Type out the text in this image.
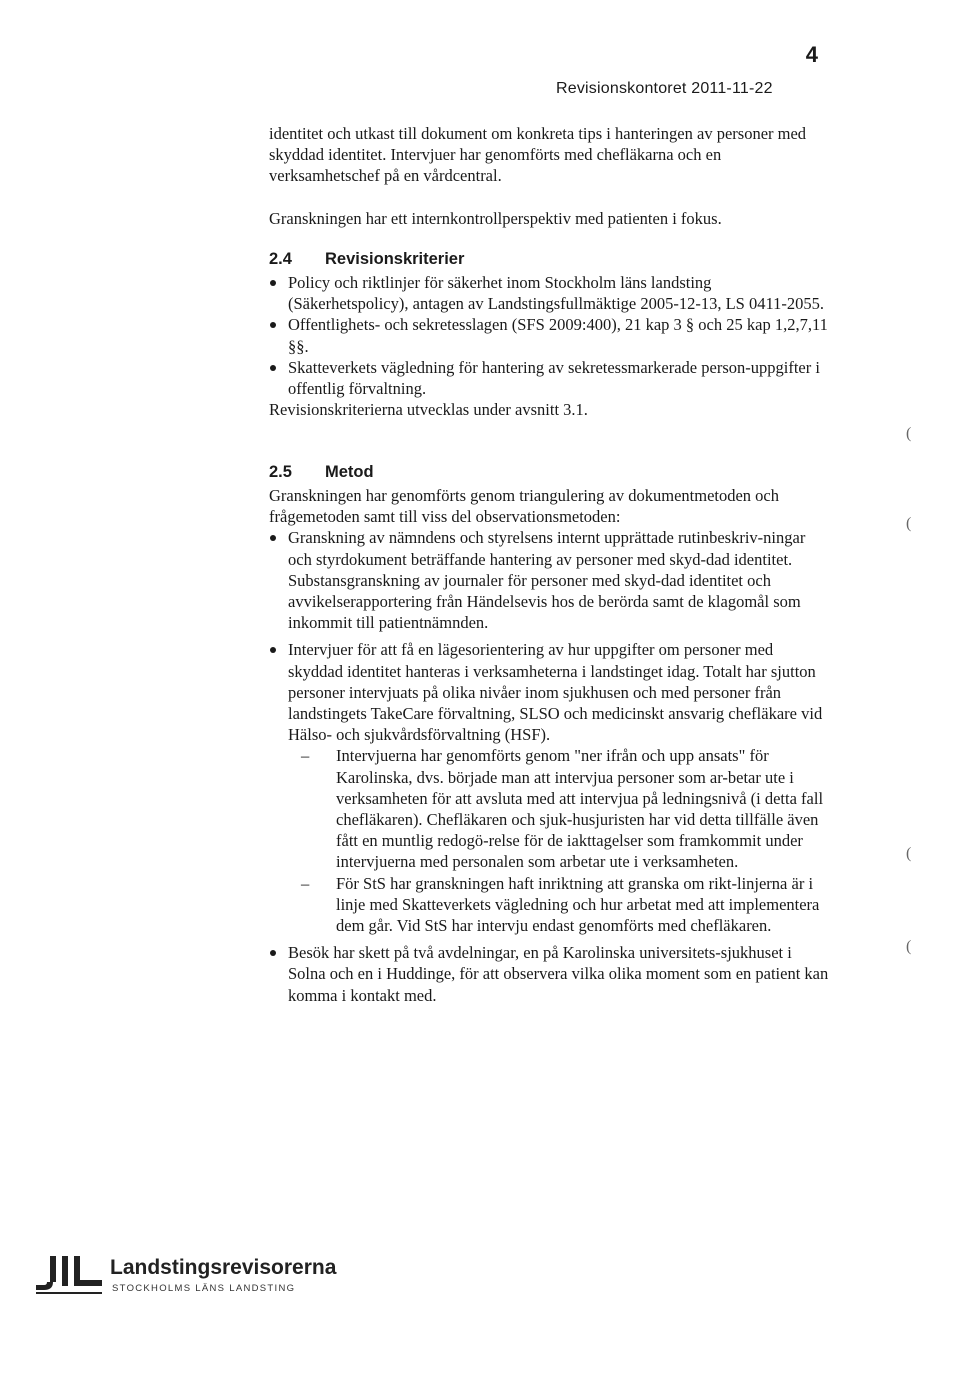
4
Revisionskontoret 2011-11-22

identitet och utkast till dokument om konkreta tips i hanteringen av personer med skyddad identitet. Intervjuer har genomförts med chefläkarna och en verksamhetschef på en vårdcentral.

Granskningen har ett internkontrollperspektiv med patienten i fokus.

2.4 Revisionskriterier
Policy och riktlinjer för säkerhet inom Stockholm läns landsting (Säkerhetspolicy), antagen av Landstingsfullmäktige 2005-12-13, LS 0411-2055.
Offentlighets- och sekretesslagen (SFS 2009:400), 21 kap 3 § och 25 kap 1,2,7,11 §§.
Skatteverkets vägledning för hantering av sekretessmarkerade person-uppgifter i offentlig förvaltning.

Revisionskriterierna utvecklas under avsnitt 3.1.

2.5 Metod

Granskningen har genomförts genom triangulering av dokumentmetoden och frågemetoden samt till viss del observationsmetoden:

Granskning av nämndens och styrelsens internt upprättade rutinbeskriv-ningar och styrdokument beträffande hantering av personer med skyd-dad identitet. Substansgranskning av journaler för personer med skyd-dad identitet och avvikelserapportering från Händelsevis hos de berörda samt de klagomål som inkommit till patientnämnden.
Intervjuer för att få en lägesorientering av hur uppgifter om personer med skyddad identitet hanteras i verksamheterna i landstinget idag. Totalt har sjutton personer intervjuats på olika nivåer inom sjukhusen och med personer från landstingets TakeCare förvaltning, SLSO och medicinskt ansvarig chefläkare vid Hälso- och sjukvårdsförvaltning (HSF).
– Intervjuerna har genomförts genom "ner ifrån och upp ansats" för Karolinska, dvs. började man att intervjua personer som ar-betar ute i verksamheten för att avsluta med att intervjua på ledningsnivå (i detta fall chefläkaren). Chefläkaren och sjuk-husjuristen har vid detta tillfälle även fått en muntlig redogö-relse för de iakttagelser som framkommit under intervjuerna med personalen som arbetar ute i verksamheten.
– För StS har granskningen haft inriktning att granska om rikt-linjerna är i linje med Skatteverkets vägledning och hur arbetat med att implementera dem går. Vid StS har intervju endast genomförts med chefläkaren.
Besök har skett på två avdelningar, en på Karolinska universitets-sjukhuset i Solna och en i Huddinge, för att observera vilka olika moment som en patient kan komma i kontakt med.
(
(
(
(
Landstingsrevisorerna
STOCKHOLMS LÄNS LANDSTING
